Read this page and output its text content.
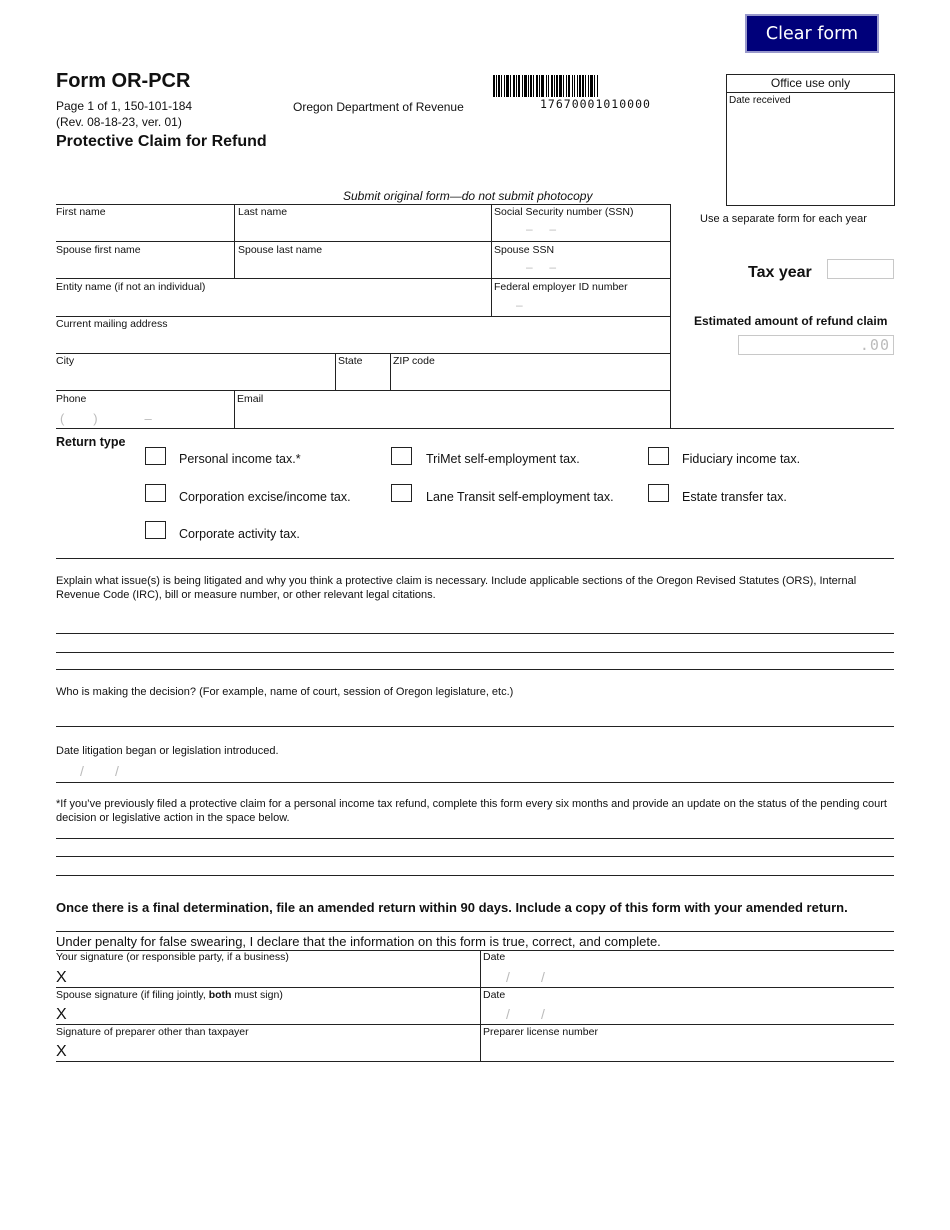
Clear form
Form OR-PCR
Page 1 of 1, 150-101-184
(Rev. 08-18-23, ver. 01)
Oregon Department of Revenue
Protective Claim for Refund
17670001010000
Office use only
Date received
Submit original form—do not submit photocopy
First name	Last name	Social Security number (SSN)
–     –
Spouse first name	Spouse last name	Spouse SSN
–     –
Entity name (if not an individual)	Federal employer ID number
–
Current mailing address
City	State	ZIP code
Phone
(        )             –
Email
Use a separate form for each year
Tax year
Estimated amount of refund claim
.00
Return type
Personal income tax.*	TriMet self-employment tax.	Fiduciary income tax.
Corporation excise/income tax.	Lane Transit self-employment tax.	Estate transfer tax.
Corporate activity tax.
Explain what issue(s) is being litigated and why you think a protective claim is necessary. Include applicable sections of the Oregon Revised Statutes (ORS), Internal Revenue Code (IRC), bill or measure number, or other relevant legal citations.
Who is making the decision? (For example, name of court, session of Oregon legislature, etc.)
Date litigation began or legislation introduced.
/        /
*If you’ve previously filed a protective claim for a personal income tax refund, complete this form every six months and provide an update on the status of the pending court decision or legislative action in the space below.
Once there is a final determination, file an amended return within 90 days. Include a copy of this form with your amended return.
Under penalty for false swearing, I declare that the information on this form is true, correct, and complete.
Your signature (or responsible party, if a business)
X
Date
/        /
Spouse signature (if filing jointly, both must sign)
X
Date
/        /
Signature of preparer other than taxpayer
X
Preparer license number
